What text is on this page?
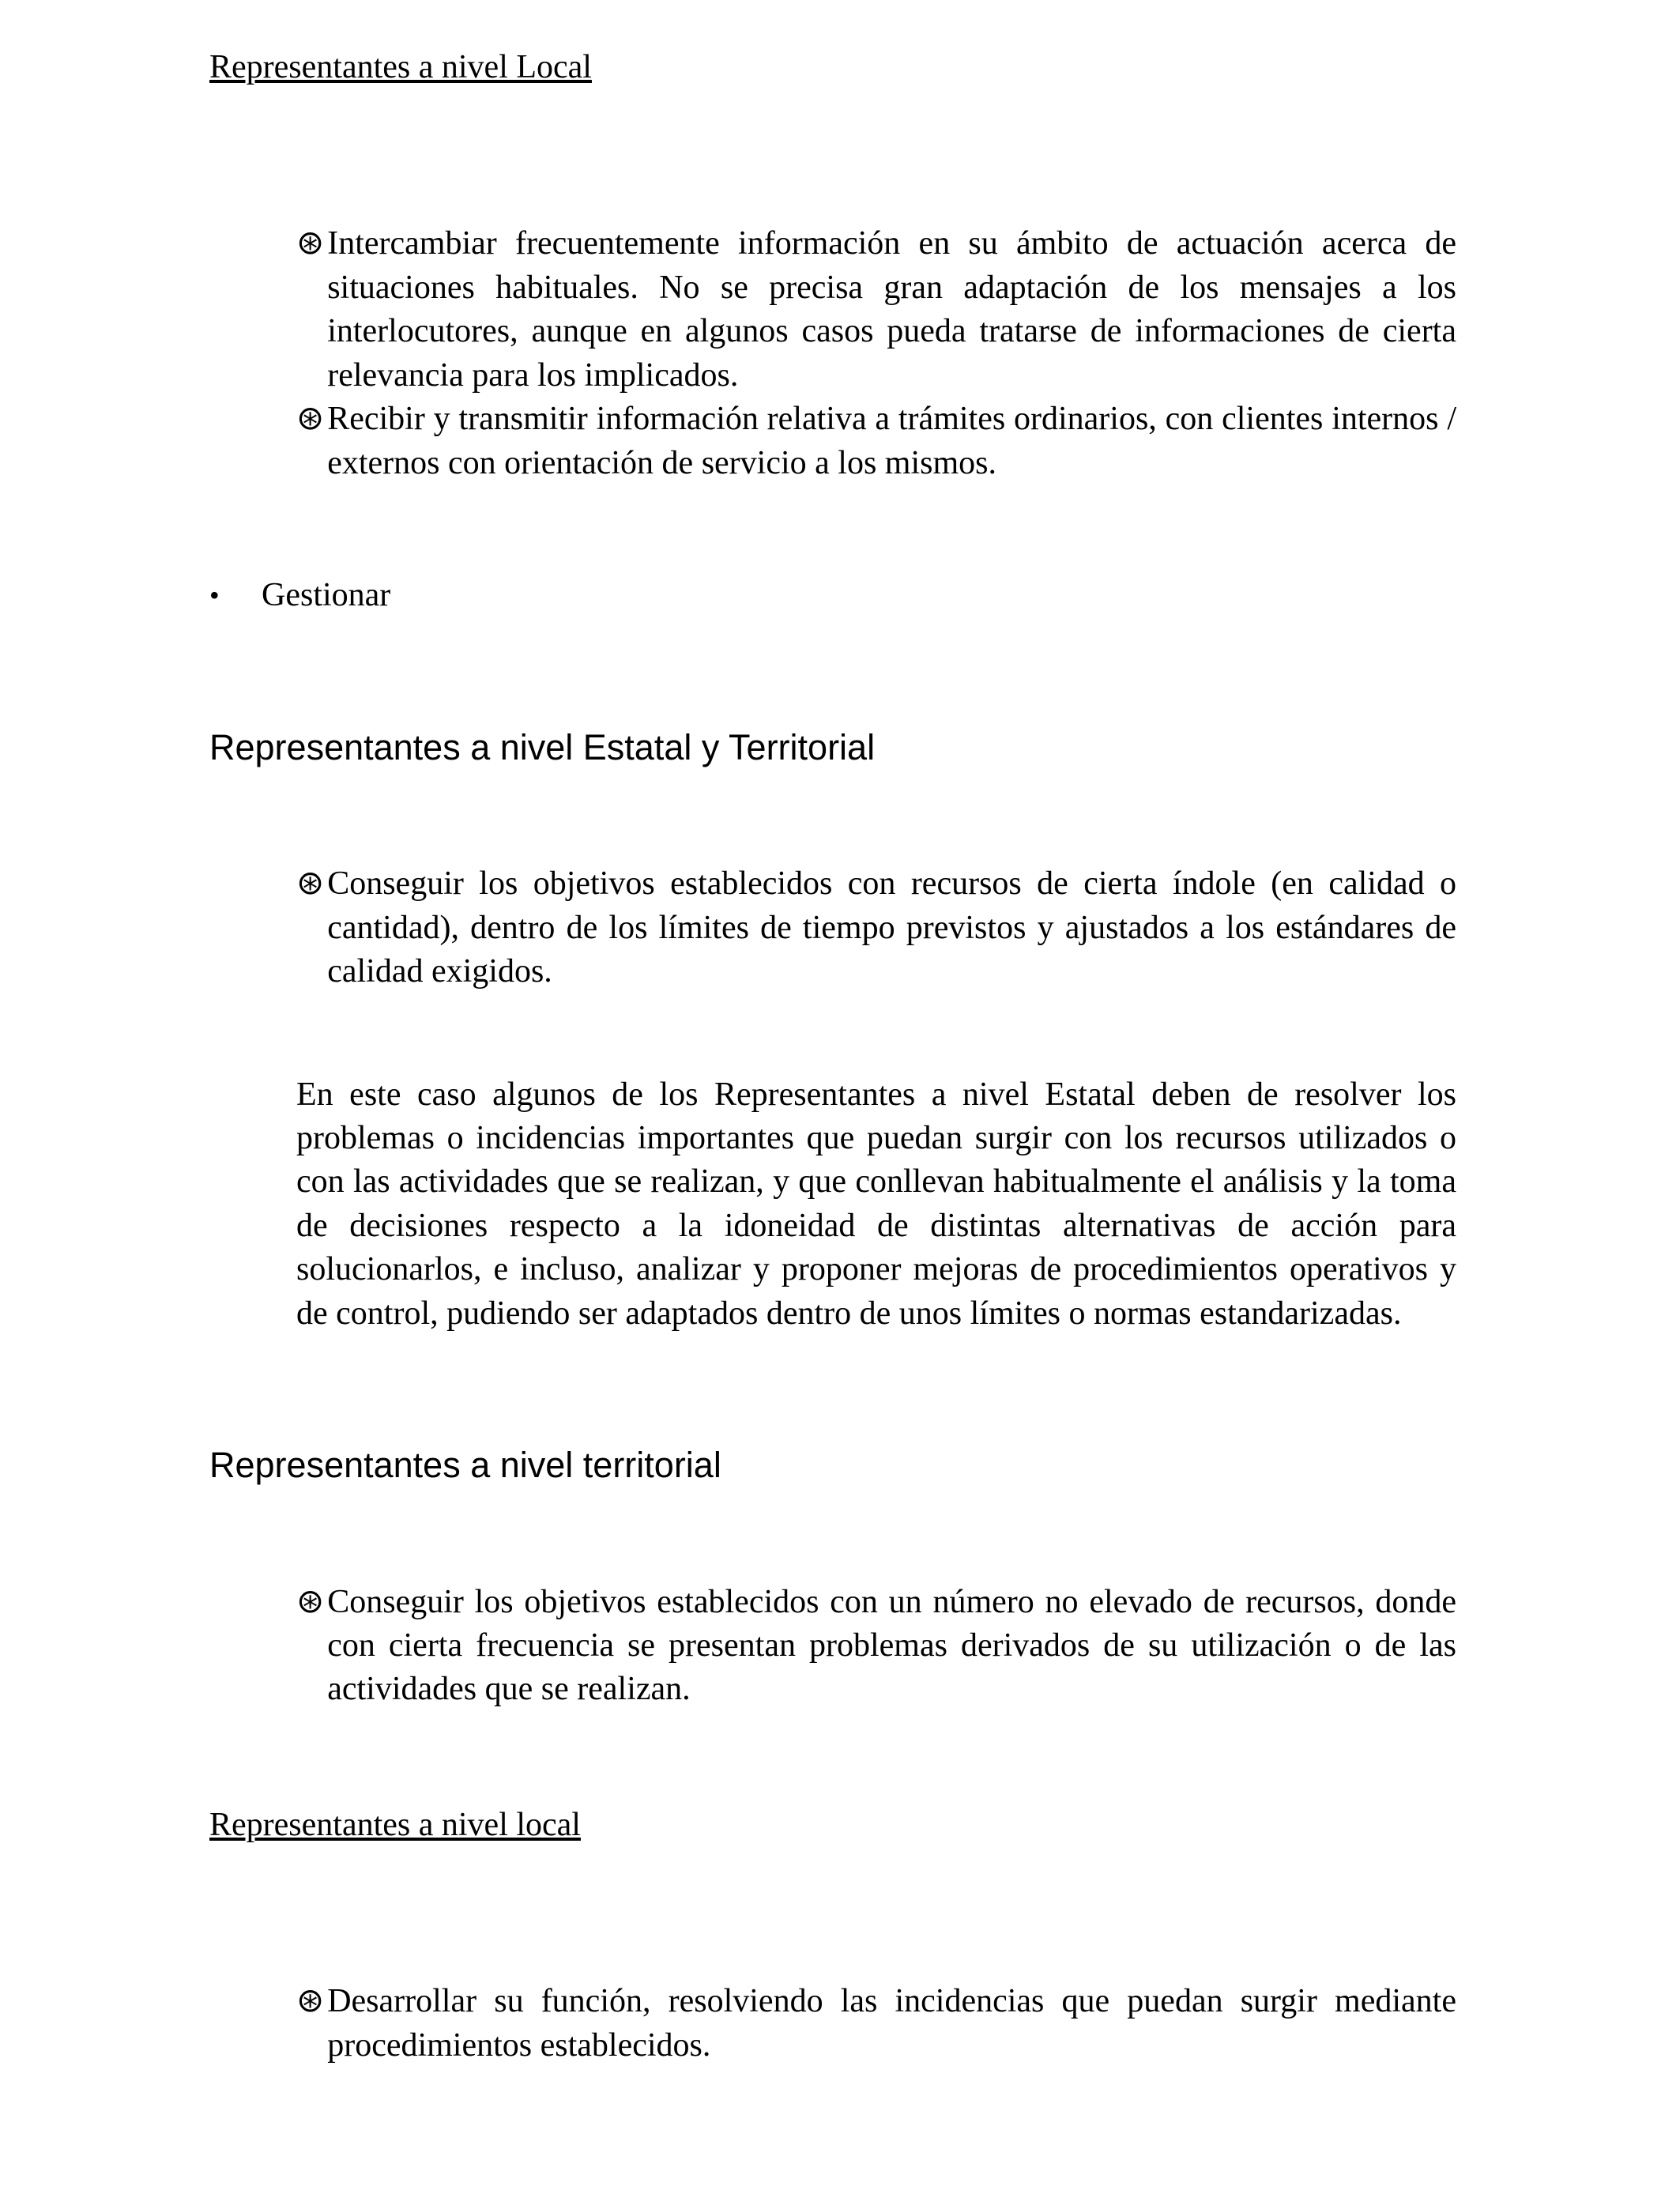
Representantes a nivel Local
⊛ Intercambiar frecuentemente información en su ámbito de actuación acerca de situaciones habituales. No se precisa gran adaptación de los mensajes a los interlocutores, aunque en algunos casos pueda tratarse de informaciones de cierta relevancia para los implicados.
⊛ Recibir y transmitir información relativa a trámites ordinarios, con clientes internos / externos con orientación de servicio a los mismos.
•	Gestionar
Representantes a nivel Estatal y Territorial
⊛ Conseguir los objetivos establecidos con recursos de cierta índole (en calidad o cantidad), dentro de los límites de tiempo previstos y ajustados a los estándares de calidad exigidos.

En este caso algunos de los Representantes a nivel Estatal deben de resolver los problemas o incidencias importantes que puedan surgir con los recursos utilizados o con las actividades que se realizan, y que conllevan habitualmente el análisis y la toma de decisiones respecto a la idoneidad de distintas alternativas de acción para solucionarlos, e incluso, analizar y proponer mejoras de procedimientos operativos y de control, pudiendo ser adaptados dentro de unos límites o normas estandarizadas.

Representantes a nivel territorial
⊛ Conseguir los objetivos establecidos con un número no elevado de recursos, donde con cierta frecuencia se presentan problemas derivados de su utilización o de las actividades que se realizan.
Representantes a nivel local
⊛ Desarrollar su función, resolviendo las incidencias que puedan surgir mediante procedimientos establecidos.
